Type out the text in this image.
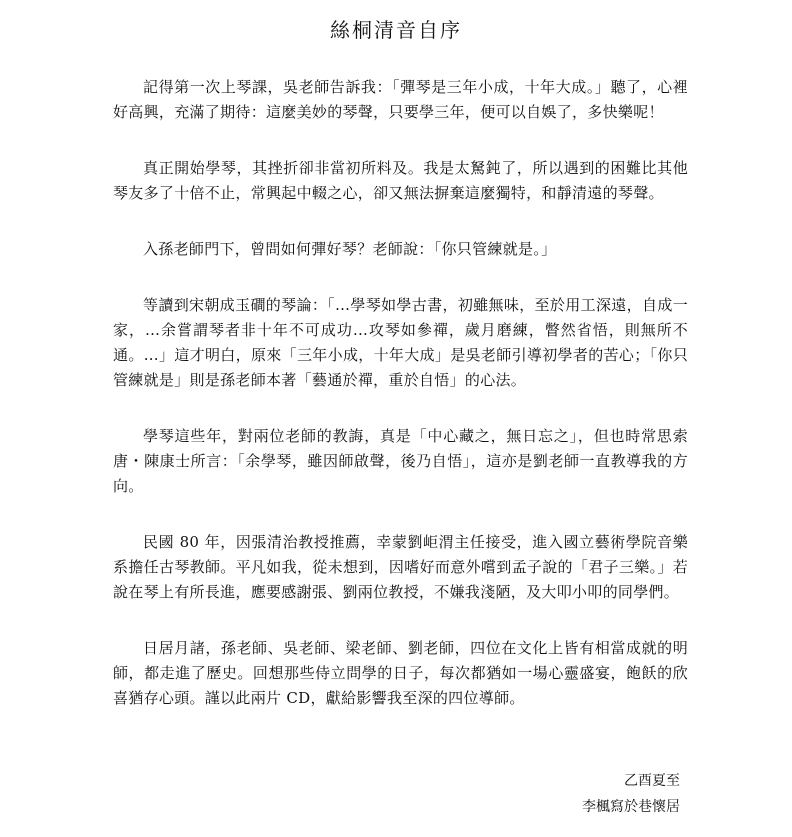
絲桐清音自序

記得第一次上琴課，吳老師告訴我：「彈琴是三年小成，十年大成。」聽了，心裡好高興，充滿了期待：這麼美妙的琴聲，只要學三年，便可以自娛了，多快樂呢！

真正開始學琴，其挫折卻非當初所料及。我是太駑鈍了，所以遇到的困難比其他琴友多了十倍不止，常興起中輟之心，卻又無法摒棄這麼獨特，和靜清遠的琴聲。

入孫老師門下，曾問如何彈好琴？老師說：「你只管練就是。」

等讀到宋朝成玉磵的琴論：「…學琴如學古書，初雖無味，至於用工深遠，自成一家，…余嘗謂琴者非十年不可成功…攻琴如參禪，歲月磨練，瞥然省悟，則無所不通。…」這才明白，原來「三年小成，十年大成」是吳老師引導初學者的苦心；「你只管練就是」則是孫老師本著「藝通於禪，重於自悟」的心法。

學琴這些年，對兩位老師的教誨，真是「中心藏之，無日忘之」，但也時常思索唐・陳康士所言：「余學琴，雖因師啟聲，後乃自悟」，這亦是劉老師一直教導我的方向。

民國 80 年，因張清治教授推薦，幸蒙劉岠渭主任接受，進入國立藝術學院音樂系擔任古琴教師。平凡如我，從未想到，因嗜好而意外嚐到孟子說的「君子三樂。」若說在琴上有所長進，應要感謝張、劉兩位教授，不嫌我淺陋，及大叩小叩的同學們。

日居月諸，孫老師、吳老師、梁老師、劉老師，四位在文化上皆有相當成就的明師，都走進了歷史。回想那些侍立問學的日子，每次都猶如一場心靈盛宴，飽飫的欣喜猶存心頭。謹以此兩片 CD，獻給影響我至深的四位導師。

乙酉夏至
李楓寫於巷懷居
